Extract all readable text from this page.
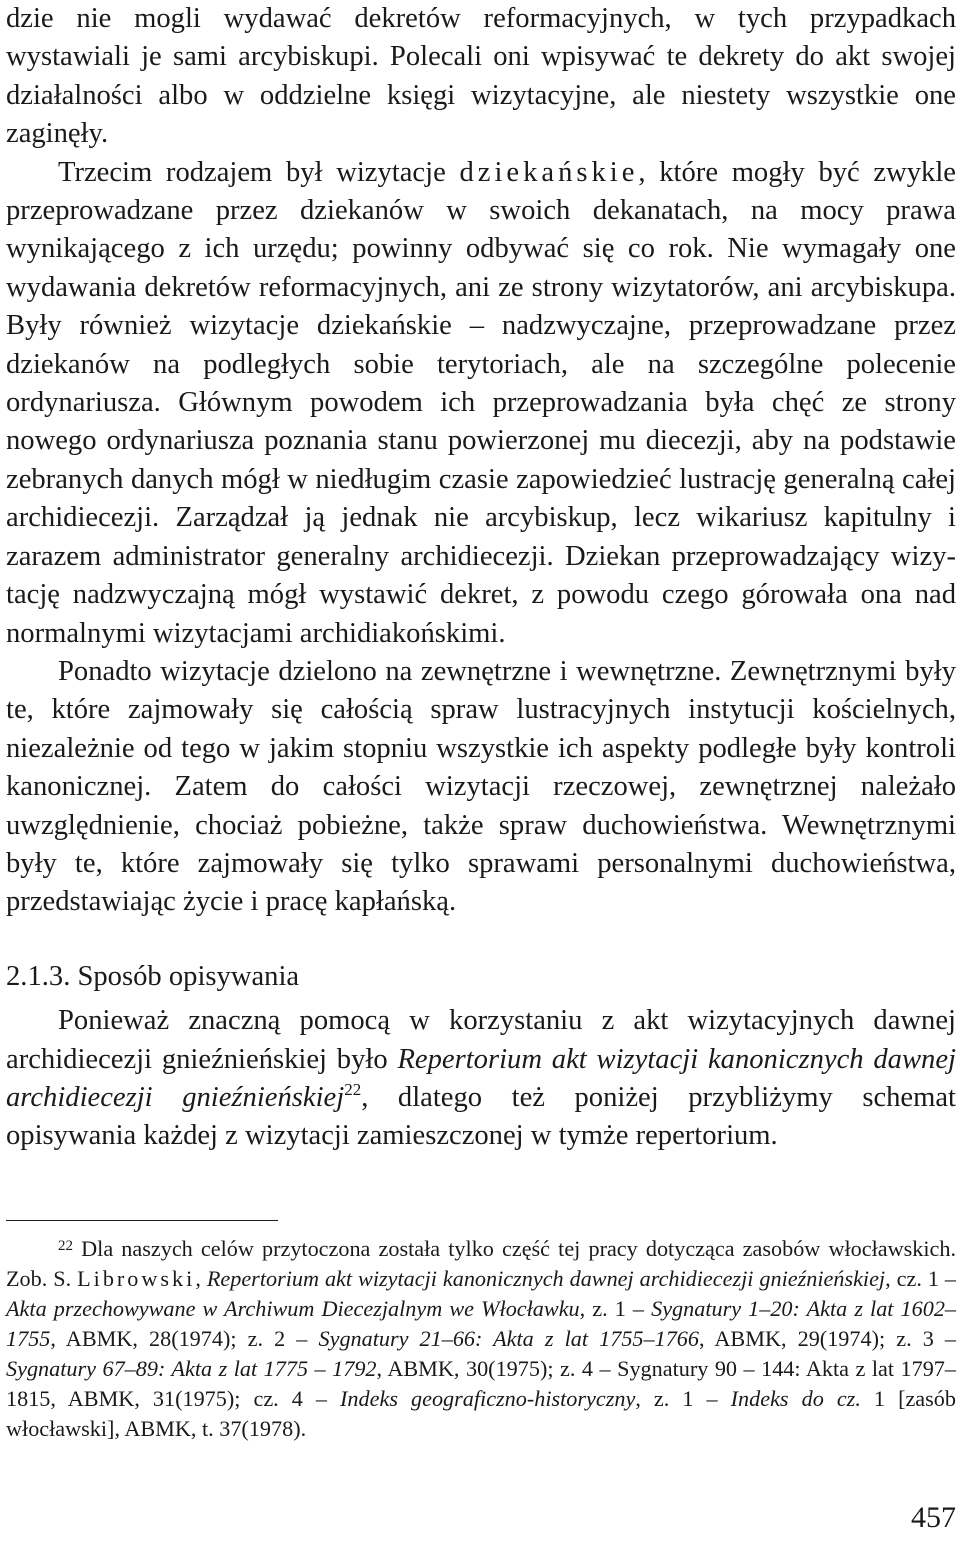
dzie nie mogli wydawać dekretów reformacyjnych, w tych przypadkach wystawiali je sami arcybiskupi. Polecali oni wpisywać te dekrety do akt swojej działalności albo w oddzielne księgi wizytacyjne, ale niestety wszystkie one zaginęły.

Trzecim rodzajem był wizytacje dziekańskie, które mogły być zwykle przeprowadzane przez dziekanów w swoich dekanatach, na mocy prawa wynikającego z ich urzędu; powinny odbywać się co rok. Nie wymagały one wydawania dekretów reformacyjnych, ani ze strony wizytatorów, ani arcybiskupa. Były również wizytacje dziekańskie – nadzwyczajne, przeprowadzane przez dziekanów na podległych sobie terytoriach, ale na szczególne polecenie ordynariusza. Głównym powodem ich przeprowadzania była chęć ze strony nowego ordynariusza poznania stanu powierzonej mu diecezji, aby na podstawie zebranych danych mógł w niedługim czasie zapowiedzieć lustrację generalną całej archidiecezji. Zarządzał ją jednak nie arcybiskup, lecz wikariusz kapitulny i zarazem administrator generalny archidiecezji. Dziekan przeprowadzający wizytację nadzwyczajną mógł wystawić dekret, z powodu czego górowała ona nad normalnymi wizytacjami archidiakońskimi.

Ponadto wizytacje dzielono na zewnętrzne i wewnętrzne. Zewnętrznymi były te, które zajmowały się całością spraw lustracyjnych instytucji kościelnych, niezależnie od tego w jakim stopniu wszystkie ich aspekty podległe były kontroli kanonicznej. Zatem do całości wizytacji rzeczowej, zewnętrznej należało uwzględnienie, chociaż pobieżne, także spraw duchowieństwa. Wewnętrznymi były te, które zajmowały się tylko sprawami personalnymi duchowieństwa, przedstawiając życie i pracę kapłańską.

2.1.3. Sposób opisywania

Ponieważ znaczną pomocą w korzystaniu z akt wizytacyjnych dawnej archidiecezji gnieźnieńskiej było Repertorium akt wizytacji kanonicznych dawnej archidiecezji gnieźnieńskiej$^{22}$, dlatego też poniżej przybliżymy schemat opisywania każdej z wizytacji zamieszczonej w tymże repertorium.

$^{22}$ Dla naszych celów przytoczona została tylko część tej pracy dotycząca zasobów włocławskich. Zob. S. Librowski, Repertorium akt wizytacji kanonicznych dawnej archidiecezji gnieźnieńskiej, cz. 1 – Akta przechowywane w Archiwum Diecezjalnym we Włocławku, z. 1 – Sygnatury 1–20: Akta z lat 1602–1755, ABMK, 28(1974); z. 2 – Sygnatury 21–66: Akta z lat 1755–1766, ABMK, 29(1974); z. 3 – Sygnatury 67–89: Akta z lat 1775 – 1792, ABMK, 30(1975); z. 4 – Sygnatury 90 – 144: Akta z lat 1797–1815, ABMK, 31(1975); cz. 4 – Indeks geograficzno-historyczny, z. 1 – Indeks do cz. 1 [zasób włocławski], ABMK, t. 37(1978).

457
